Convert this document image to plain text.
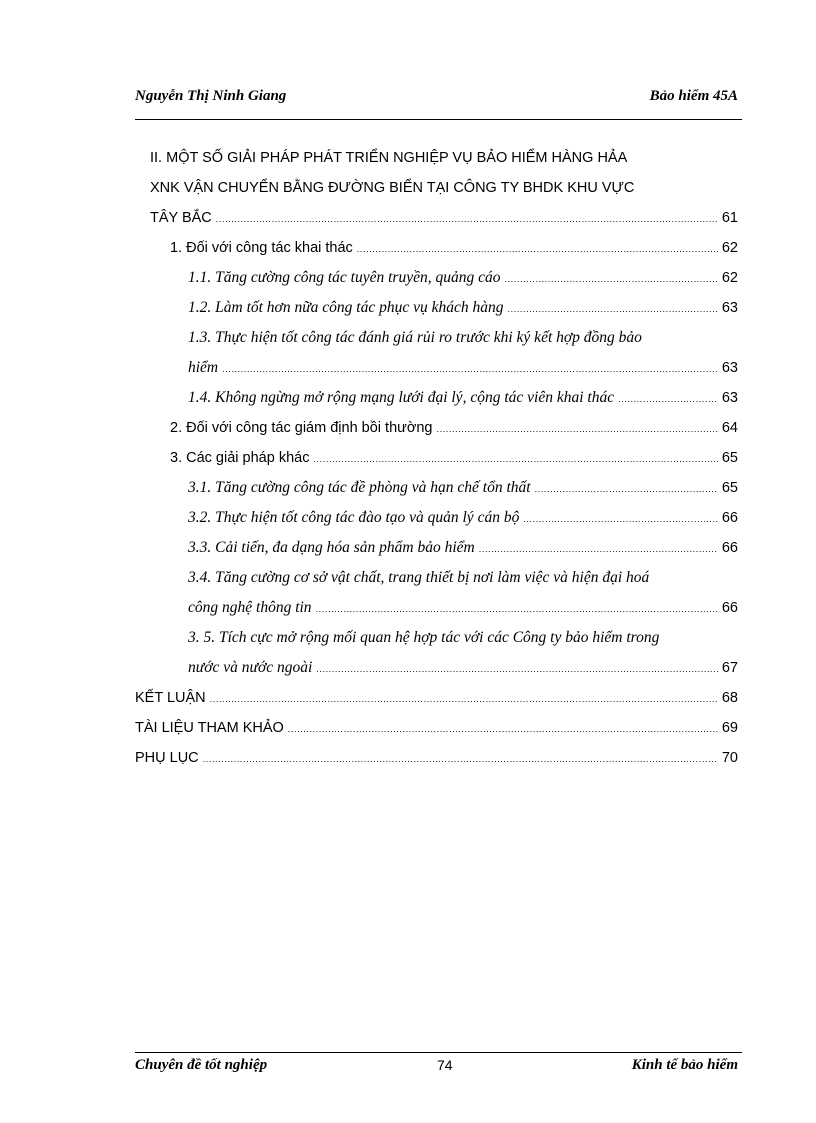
Nguyễn Thị Ninh Giang	Bảo hiểm 45A
II. MỘT SỐ GIẢI PHÁP PHÁT TRIỂN NGHIỆP VỤ BẢO HIỂM HÀNG HẢA
XNK VẬN CHUYỂN BẰNG ĐƯỜNG BIỂN TẠI CÔNG TY BHDK KHU VỰC
TÂY BẮC .....	61
1. Đối với công tác khai thác .....	62
1.1. Tăng cường công tác tuyên truyền, quảng cáo .....	62
1.2. Làm tốt hơn nữa công tác phục vụ khách hàng .....	63
1.3. Thực hiện tốt công tác đánh giá rủi ro trước khi ký kết hợp đồng bảo
hiểm .....	63
1.4. Không ngừng mở rộng mạng lưới đại lý, cộng tác viên khai thác .....	63
2. Đối với công tác giám định bồi thường .....	64
3. Các giải pháp khác .....	65
3.1. Tăng cường công tác đề phòng và hạn chế tổn thất .....	65
3.2. Thực hiện tốt công tác đào tạo và quản lý cán bộ .....	66
3.3. Cải tiến, đa dạng hóa sản phẩm bảo hiểm .....	66
3.4. Tăng cường cơ sở vật chất, trang thiết bị nơi làm việc và hiện đại hoá
công nghệ thông tin .....	66
3. 5. Tích cực mở rộng mối quan hệ hợp tác với các Công ty bảo hiểm trong
nước và nước ngoài .....	67
KẾT LUẬN .....	68
TÀI LIỆU THAM KHẢO .....	69
PHỤ LỤC .....	70
Chuyên đề tốt nghiệp	74	Kinh tế bảo hiểm
